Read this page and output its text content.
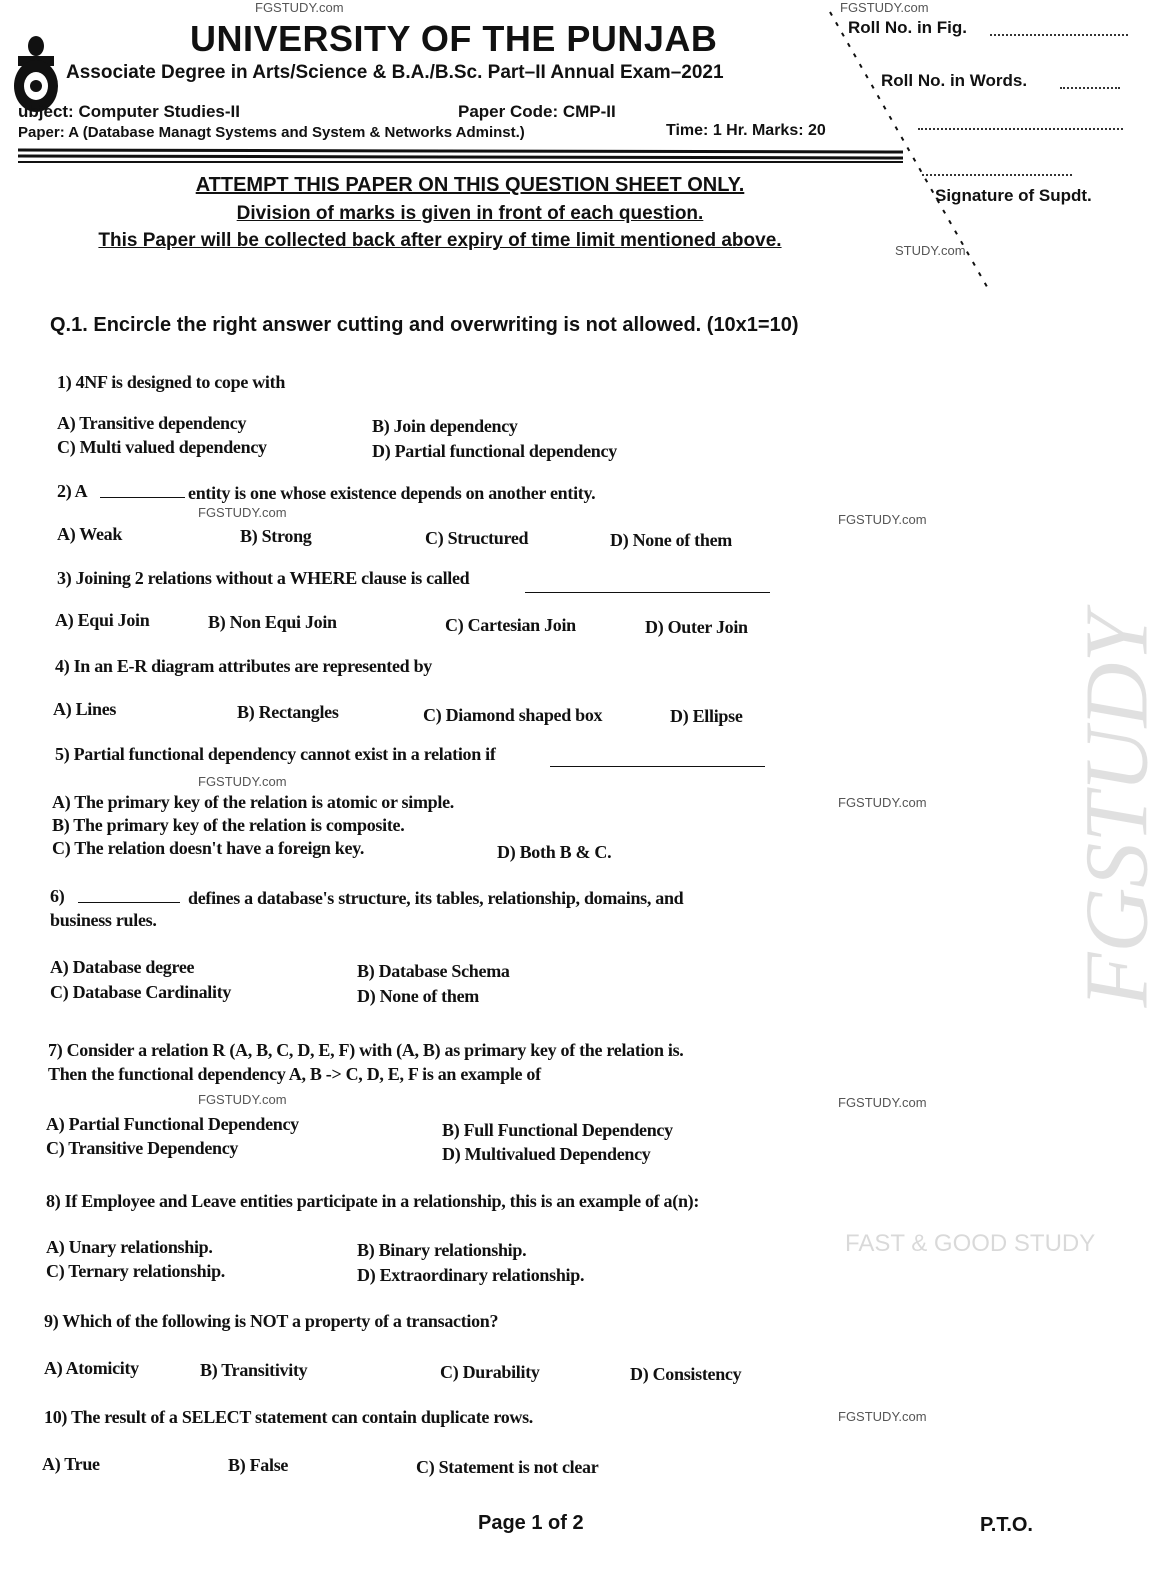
UNIVERSITY OF THE PUNJAB
Associate Degree in Arts/Science & B.A./B.Sc. Part–II Annual Exam–2021
ubject: Computer Studies-II	Paper Code: CMP-II
Paper: A (Database Managt Systems and System & Networks Adminst.)	Time: 1 Hr. Marks: 20
Roll No. in Fig.
Roll No. in Words.
Signature of Supdt.
ATTEMPT THIS PAPER ON THIS QUESTION SHEET ONLY.
Division of marks is given in front of each question.
This Paper will be collected back after expiry of time limit mentioned above.
FGSTUDY
FAST & GOOD STUDY
Q.1. Encircle the right answer cutting and overwriting is not allowed. (10x1=10)
Page 1 of 2	P.T.O.
1) 4NF is designed to cope with
A) Transitive dependency	B) Join dependency
C) Multi valued dependency	D) Partial functional dependency
2) A	entity is one whose existence depends on another entity.
A) Weak	B) Strong	C) Structured	D) None of them
3) Joining 2 relations without a WHERE clause is called
A) Equi Join	B) Non Equi Join	C) Cartesian Join	D) Outer Join
4) In an E-R diagram attributes are represented by
A) Lines	B) Rectangles	C) Diamond shaped box	D) Ellipse
5) Partial functional dependency cannot exist in a relation if
A) The primary key of the relation is atomic or simple.
B) The primary key of the relation is composite.
C) The relation doesn't have a foreign key.	D) Both B & C.
6)	defines a database's structure, its tables, relationship, domains, and
business rules.
A) Database degree	B) Database Schema
C) Database Cardinality	D) None of them
7) Consider a relation R (A, B, C, D, E, F) with (A, B) as primary key of the relation is.
Then the functional dependency A, B -> C, D, E, F is an example of
A) Partial Functional Dependency	B) Full Functional Dependency
C) Transitive Dependency	D) Multivalued Dependency
8) If Employee and Leave entities participate in a relationship, this is an example of a(n):
A) Unary relationship.	B) Binary relationship.
C) Ternary relationship.	D) Extraordinary relationship.
9) Which of the following is NOT a property of a transaction?
A) Atomicity	B) Transitivity	C) Durability	D) Consistency
10) The result of a SELECT statement can contain duplicate rows.
A) True	B) False	C) Statement is not clear
FGSTUDY.com	FGSTUDY.com
STUDY.com
FGSTUDY.com	FGSTUDY.com
FGSTUDY.com
FGSTUDY.com
FGSTUDY.com	FGSTUDY.com
FGSTUDY.com
